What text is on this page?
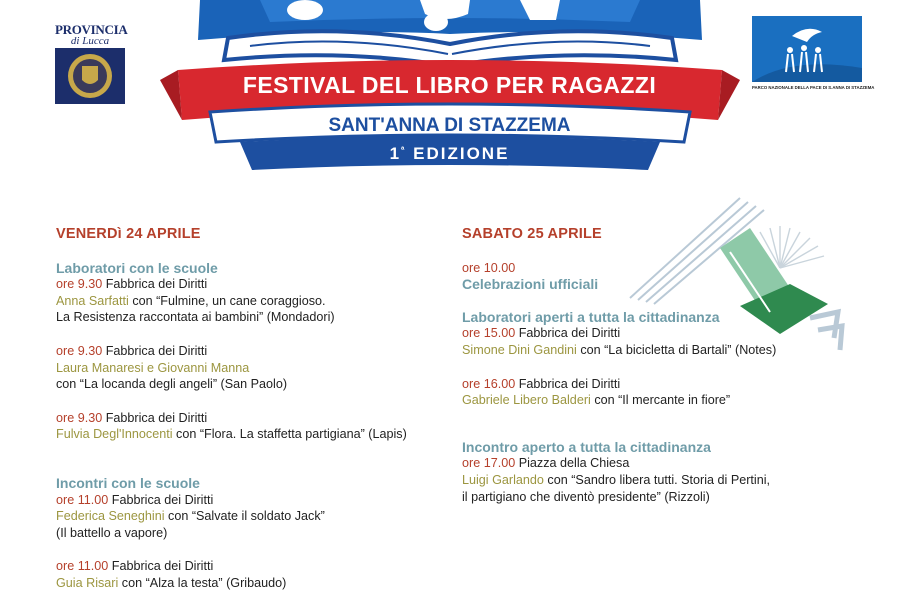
FESTIVAL DEL LIBRO PER RAGAZZI
SANT'ANNA DI STAZZEMA
$1^ª$ EDIZIONE
PROVINCIA
di Lucca
PARCO NAZIONALE DELLA PACE DI S.ANNA DI STAZZEMA
VENERDì 24 APRILE
Laboratori con le scuole
ore 9.30 Fabbrica dei Diritti
Anna Sarfatti con “Fulmine, un cane coraggioso.
La Resistenza raccontata ai bambini” (Mondadori)
ore 9.30 Fabbrica dei Diritti
Laura Manaresi e Giovanni Manna
con “La locanda degli angeli” (San Paolo)
ore 9.30 Fabbrica dei Diritti
Fulvia Degl'Innocenti con “Flora. La staffetta partigiana” (Lapis)
Incontri con le scuole
ore 11.00 Fabbrica dei Diritti
Federica Seneghini con “Salvate il soldato Jack”
(Il battello a vapore)
ore 11.00 Fabbrica dei Diritti
Guia Risari con “Alza la testa” (Gribaudo)
SABATO 25 APRILE
ore 10.00
Celebrazioni ufficiali
Laboratori aperti a tutta la cittadinanza
ore 15.00 Fabbrica dei Diritti
Simone Dini Gandini con “La bicicletta di Bartali” (Notes)
ore 16.00 Fabbrica dei Diritti
Gabriele Libero Balderi con “Il mercante in fiore”
Incontro aperto a tutta la cittadinanza
ore 17.00 Piazza della Chiesa
Luigi Garlando con “Sandro libera tutti. Storia di Pertini,
il partigiano che diventò presidente” (Rizzoli)
